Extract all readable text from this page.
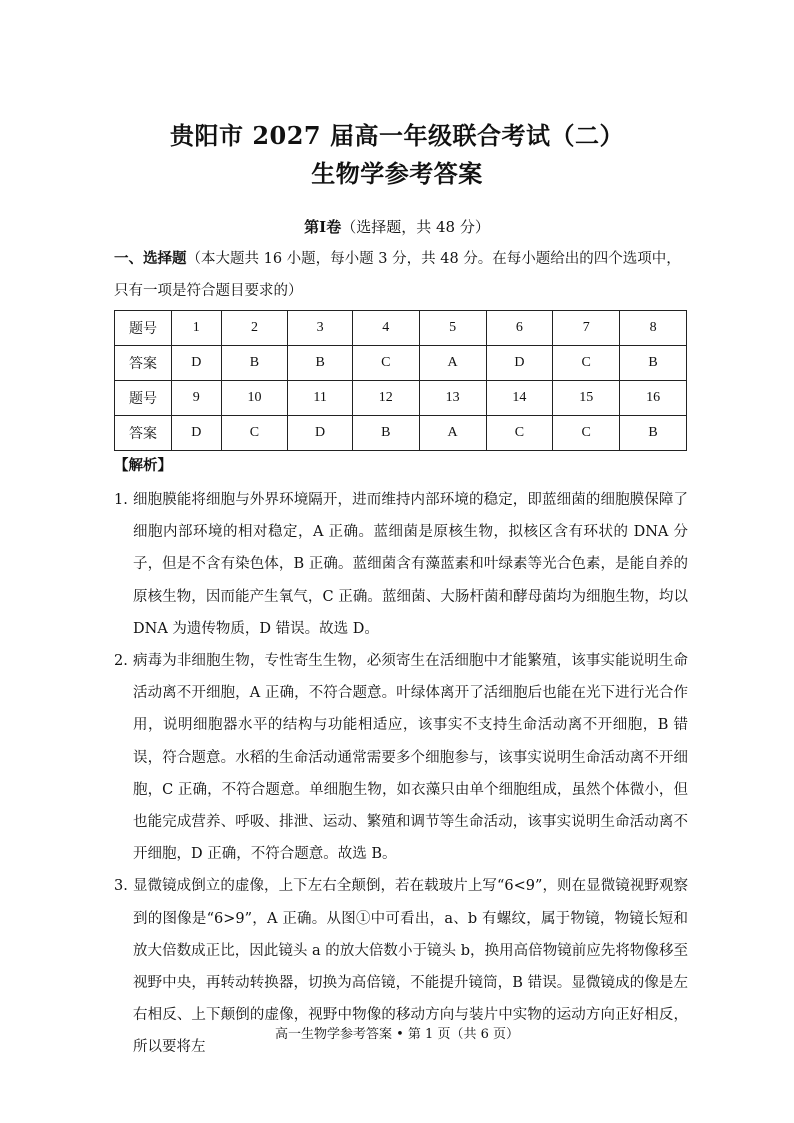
贵阳市 2027 届高一年级联合考试（二）
生物学参考答案
第Ⅰ卷（选择题，共 48 分）
一、选择题（本大题共 16 小题，每小题 3 分，共 48 分。在每小题给出的四个选项中，只有一项是符合题目要求的）
题号	1	2	3	4	5	6	7	8
答案	D	B	B	C	A	D	C	B
题号	9	10	11	12	13	14	15	16
答案	D	C	D	B	A	C	C	B
【解析】

1. 细胞膜能将细胞与外界环境隔开，进而维持内部环境的稳定，即蓝细菌的细胞膜保障了细胞内部环境的相对稳定，A 正确。蓝细菌是原核生物，拟核区含有环状的 DNA 分子，但是不含有染色体，B 正确。蓝细菌含有藻蓝素和叶绿素等光合色素，是能自养的原核生物，因而能产生氧气，C 正确。蓝细菌、大肠杆菌和酵母菌均为细胞生物，均以 DNA 为遗传物质，D 错误。故选 D。

2. 病毒为非细胞生物，专性寄生生物，必须寄生在活细胞中才能繁殖，该事实能说明生命活动离不开细胞，A 正确，不符合题意。叶绿体离开了活细胞后也能在光下进行光合作用，说明细胞器水平的结构与功能相适应，该事实不支持生命活动离不开细胞，B 错误，符合题意。水稻的生命活动通常需要多个细胞参与，该事实说明生命活动离不开细胞，C 正确，不符合题意。单细胞生物，如衣藻只由单个细胞组成，虽然个体微小，但也能完成营养、呼吸、排泄、运动、繁殖和调节等生命活动，该事实说明生命活动离不开细胞，D 正确，不符合题意。故选 B。

3. 显微镜成倒立的虚像，上下左右全颠倒，若在载玻片上写“6<9”，则在显微镜视野观察到的图像是“6>9”，A 正确。从图①中可看出，a、b 有螺纹，属于物镜，物镜长短和放大倍数成正比，因此镜头 a 的放大倍数小于镜头 b，换用高倍物镜前应先将物像移至视野中央，再转动转换器，切换为高倍镜，不能提升镜筒，B 错误。显微镜成的像是左右相反、上下颠倒的虚像，视野中物像的移动方向与装片中实物的运动方向正好相反，所以要将左

高一生物学参考答案 • 第 1 页（共 6 页）
